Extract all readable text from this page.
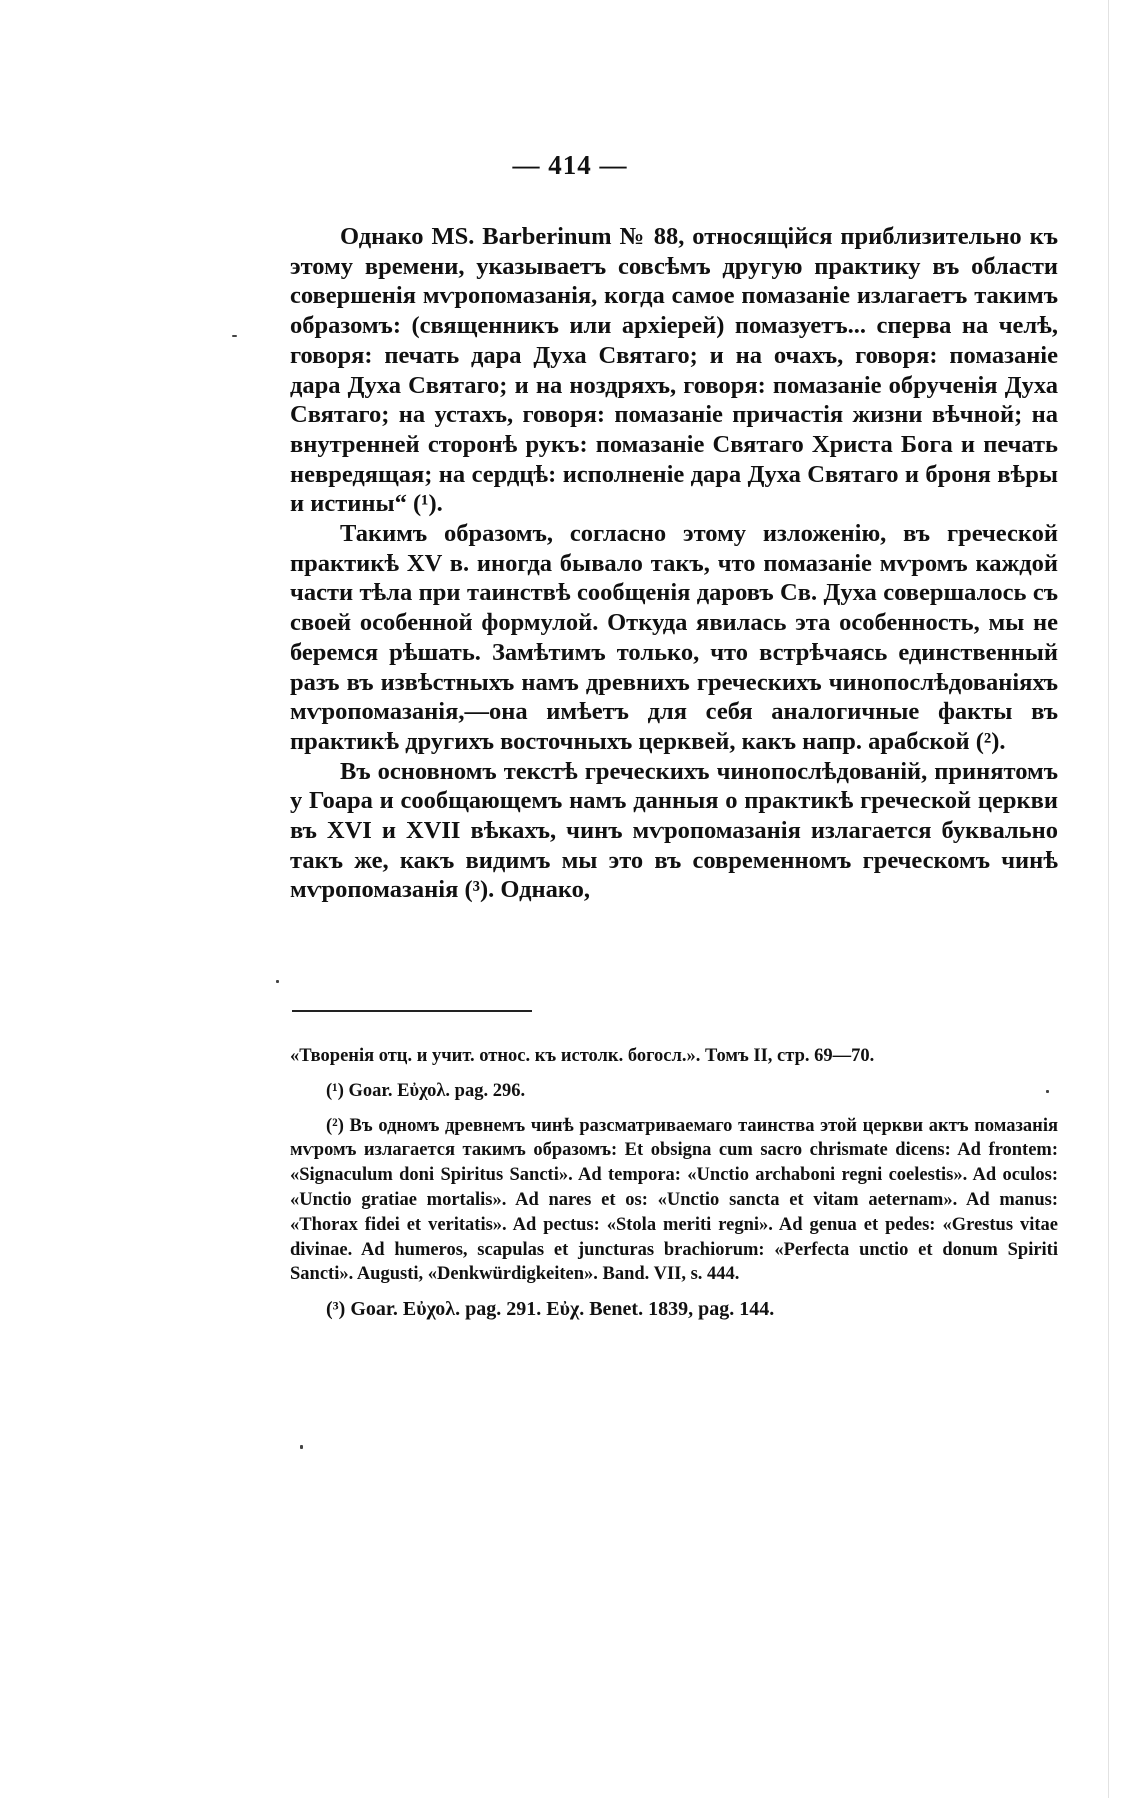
— 414 —

Однако MS. Barberinum № 88, относящійся приблизительно къ этому времени, указываетъ совсѣмъ другую практику въ области совершенія мѵропомазанія, когда самое помазаніе излагаетъ такимъ образомъ: (священникъ или архіерей) помазуетъ... сперва на челѣ, говоря: печать дара Духа Святаго; и на очахъ, говоря: помазаніе дара Духа Святаго; и на ноздряхъ, говоря: помазаніе обрученія Духа Святаго; на устахъ, говоря: помазаніе причастія жизни вѣчной; на внутренней сторонѣ рукъ: помазаніе Святаго Христа Бога и печать невредящая; на сердцѣ: исполненіе дара Духа Святаго и броня вѣры и истины“ (¹).

Такимъ образомъ, согласно этому изложенію, въ греческой практикѣ XV в. иногда бывало такъ, что помазаніе мѵромъ каждой части тѣла при таинствѣ сообщенія даровъ Св. Духа совершалось съ своей особенной формулой. Откуда явилась эта особенность, мы не беремся рѣшать. Замѣтимъ только, что встрѣчаясь единственный разъ въ извѣстныхъ намъ древнихъ греческихъ чинопослѣдованіяхъ мѵропомазанія,—она имѣетъ для себя аналогичные факты въ практикѣ другихъ восточныхъ церквей, какъ напр. арабской (²).

Въ основномъ текстѣ греческихъ чинопослѣдованій, принятомъ у Гоара и сообщающемъ намъ данныя о практикѣ греческой церкви въ XVI и XVII вѣкахъ, чинъ мѵропомазанія излагается буквально такъ же, какъ видимъ мы это въ современномъ греческомъ чинѣ мѵропомазанія (³). Однако,

«Творенія отц. и учит. относ. къ истолк. богосл.». Томъ II, стр. 69—70.

(¹) Goar. Εὐχολ. pag. 296.

(²) Въ одномъ древнемъ чинѣ разсматриваемаго таинства этой церкви актъ помазанія мѵромъ излагается такимъ образомъ: Et obsigna cum sacro chrismate dicens: Ad frontem: «Signaculum doni Spiritus Sancti». Ad tempora: «Unctio archaboni regni coelestis». Ad oculos: «Unctio gratiae mortalis». Ad nares et os: «Unctio sancta et vitam aeternam». Ad manus: «Thorax fidei et veritatis». Ad pectus: «Stola meriti regni». Ad genua et pedes: «Grestus vitae divinae. Ad humeros, scapulas et juncturas brachiorum: «Perfecta unctio et donum Spiriti Sancti». Augusti, «Denkwürdigkeiten». Band. VII, s. 444.

(³) Goar. Εὐχολ. pag. 291. Εὐχ. Benet. 1839, pag. 144.
